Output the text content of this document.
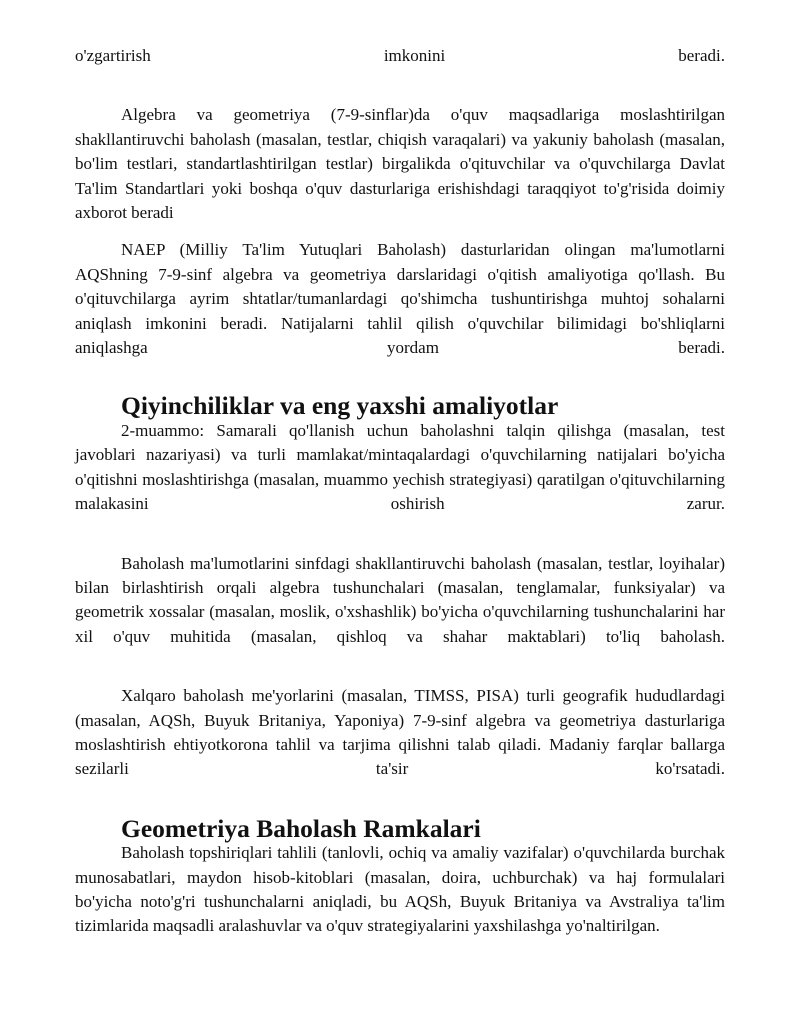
o'zgartirish imkonini beradi.

Algebra va geometriya (7-9-sinflar)da o'quv maqsadlariga moslashtirilgan shakllantiruvchi baholash (masalan, testlar, chiqish varaqalari) va yakuniy baholash (masalan, bo'lim testlari, standartlashtirilgan testlar) birgalikda o'qituvchilar va o'quvchilarga Davlat Ta'lim Standartlari yoki boshqa o'quv dasturlariga erishishdagi taraqqiyot to'g'risida doimiy axborot beradi

NAEP (Milliy Ta'lim Yutuqlari Baholash) dasturlaridan olingan ma'lumotlarni AQShning 7-9-sinf algebra va geometriya darslaridagi o'qitish amaliyotiga qo'llash. Bu o'qituvchilarga ayrim shtatlar/tumanlardagi qo'shimcha tushuntirishga muhtoj sohalarni aniqlash imkonini beradi. Natijalarni tahlil qilish o'quvchilar bilimidagi bo'shliqlarni aniqlashga yordam beradi.

Qiyinchiliklar va eng yaxshi amaliyotlar

2-muammo: Samarali qo'llanish uchun baholashni talqin qilishga (masalan, test javoblari nazariyasi) va turli mamlakat/mintaqalardagi o'quvchilarning natijalari bo'yicha o'qitishni moslashtirishga (masalan, muammo yechish strategiyasi) qaratilgan o'qituvchilarning malakasini oshirish zarur.

Baholash ma'lumotlarini sinfdagi shakllantiruvchi baholash (masalan, testlar, loyihalar) bilan birlashtirish orqali algebra tushunchalari (masalan, tenglamalar, funksiyalar) va geometrik xossalar (masalan, moslik, o'xshashlik) bo'yicha o'quvchilarning tushunchalarini har xil o'quv muhitida (masalan, qishloq va shahar maktablari) to'liq baholash.

Xalqaro baholash me'yorlarini (masalan, TIMSS, PISA) turli geografik hududlardagi (masalan, AQSh, Buyuk Britaniya, Yaponiya) 7-9-sinf algebra va geometriya dasturlariga moslashtirish ehtiyotkorona tahlil va tarjima qilishni talab qiladi. Madaniy farqlar ballarga sezilarli ta'sir ko'rsatadi.

Geometriya Baholash Ramkalari

Baholash topshiriqlari tahlili (tanlovli, ochiq va amaliy vazifalar) o'quvchilarda burchak munosabatlari, maydon hisob-kitoblari (masalan, doira, uchburchak) va haj formulalari bo'yicha noto'g'ri tushunchalarni aniqladi, bu AQSh, Buyuk Britaniya va Avstraliya ta'lim tizimlarida maqsadli aralashuvlar va o'quv strategiyalarini yaxshilashga yo'naltirilgan.
